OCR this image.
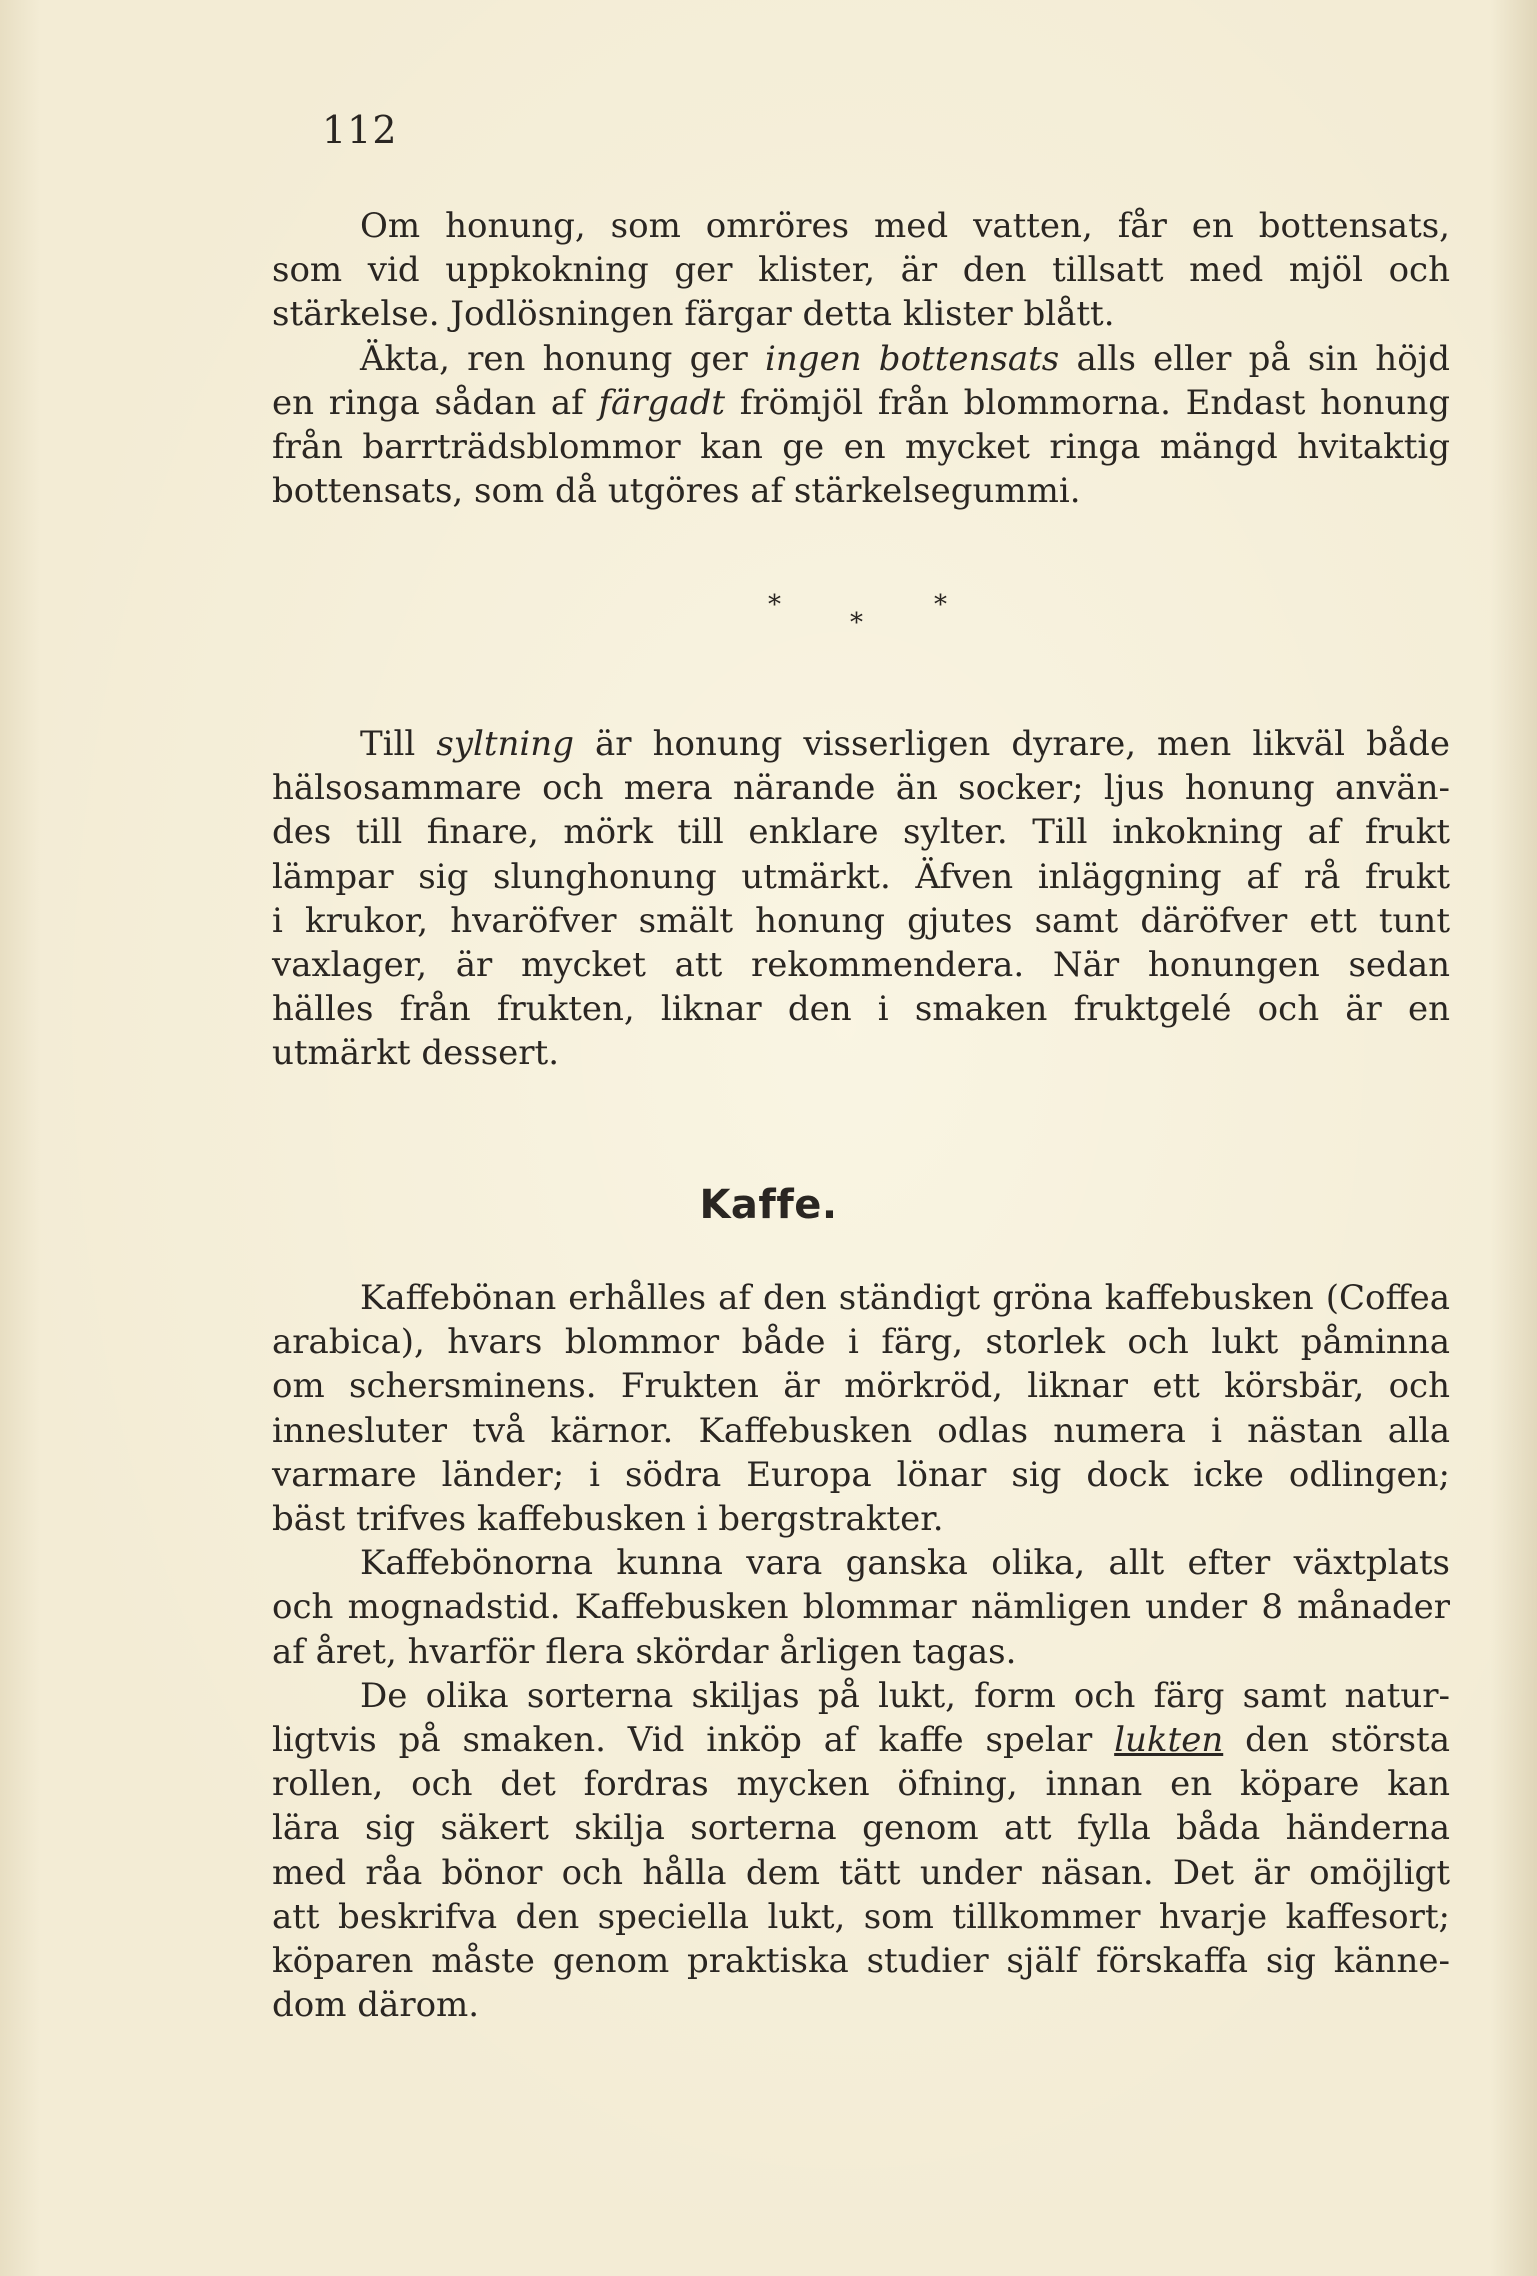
112

Om honung, som omröres med vatten, får en bottensats,

som vid uppkokning ger klister, är den tillsatt med mjöl och

stärkelse. Jodlösningen färgar detta klister blått.

Äkta, ren honung ger ingen bottensats alls eller på sin höjd

en ringa sådan af färgadt frömjöl från blommorna. Endast honung

från barrträdsblommor kan ge en mycket ringa mängd hvitaktig

bottensats, som då utgöres af stärkelsegummi.

*
*
*

Till syltning är honung visserligen dyrare, men likväl både

hälsosammare och mera närande än socker; ljus honung använ-

des till finare, mörk till enklare sylter. Till inkokning af frukt

lämpar sig slunghonung utmärkt. Äfven inläggning af rå frukt

i krukor, hvaröfver smält honung gjutes samt däröfver ett tunt

vaxlager, är mycket att rekommendera. När honungen sedan

hälles från frukten, liknar den i smaken fruktgelé och är en

utmärkt dessert.

Kaffe.

Kaffebönan erhålles af den ständigt gröna kaffebusken (Coffea

arabica), hvars blommor både i färg, storlek och lukt påminna

om schersminens. Frukten är mörkröd, liknar ett körsbär, och

innesluter två kärnor. Kaffebusken odlas numera i nästan alla

varmare länder; i södra Europa lönar sig dock icke odlingen;

bäst trifves kaffebusken i bergstrakter.

Kaffebönorna kunna vara ganska olika, allt efter växtplats

och mognadstid. Kaffebusken blommar nämligen under 8 månader

af året, hvarför flera skördar årligen tagas.

De olika sorterna skiljas på lukt, form och färg samt natur-

ligtvis på smaken. Vid inköp af kaffe spelar lukten den största

rollen, och det fordras mycken öfning, innan en köpare kan

lära sig säkert skilja sorterna genom att fylla båda händerna

med råa bönor och hålla dem tätt under näsan. Det är omöjligt

att beskrifva den speciella lukt, som tillkommer hvarje kaffesort;

köparen måste genom praktiska studier själf förskaffa sig känne-

dom därom.
